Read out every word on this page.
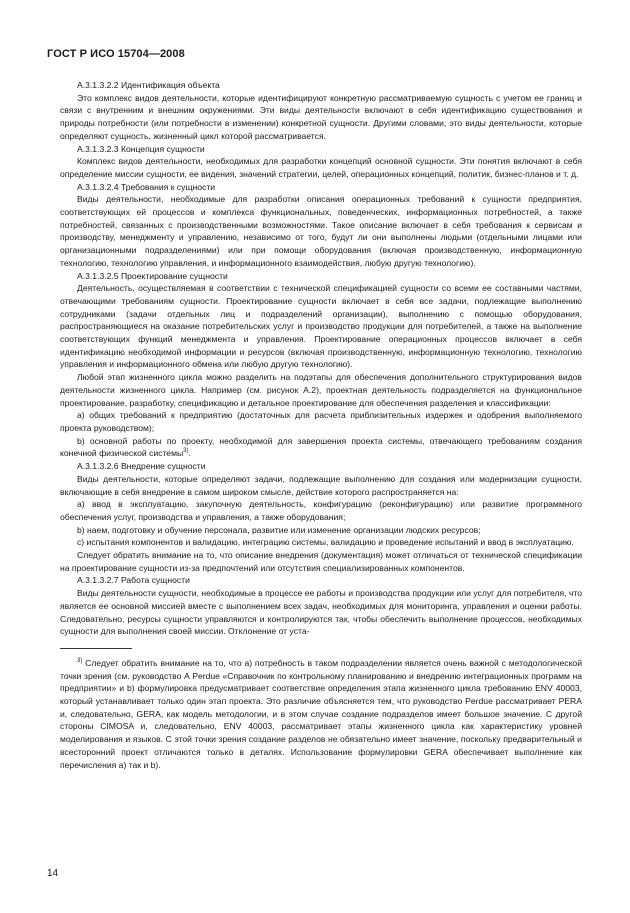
ГОСТ Р ИСО 15704—2008

А.3.1.3.2.2 Идентификация объекта

Это комплекс видов деятельности, которые идентифицируют конкретную рассматриваемую сущность с учетом ее границ и связи с внутренним и внешним окружениями. Эти виды деятельности включают в себя идентификацию существования и природы потребности (или потребности в изменении) конкретной сущности. Другими словами, это виды деятельности, которые определяют сущность, жизненный цикл которой рассматривается.

А.3.1.3.2.3 Концепция сущности

Комплекс видов деятельности, необходимых для разработки концепций основной сущности. Эти понятия включают в себя определение миссии сущности, ее видения, значений стратегии, целей, операционных концепций, политик, бизнес-планов и т. д.

А.3.1.3.2.4 Требования к сущности

Виды деятельности, необходимые для разработки описания операционных требований к сущности предприятия, соответствующих ей процессов и комплекса функциональных, поведенческих, информационных потребностей, а также потребностей, связанных с производственными возможностями. Такое описание включает в себя требования к сервисам и производству, менеджменту и управлению, независимо от того, будут ли они выполнены людьми (отдельными лицами или организационными подразделениями) или при помощи оборудования (включая производственную, информационную технологию, технологию управления, и информационного взаимодействия, любую другую технологию).

А.3.1.3.2.5 Проектирование сущности

Деятельность, осуществляемая в соответствии с технической спецификацией сущности со всеми ее составными частями, отвечающими требованиям сущности. Проектирование сущности включает в себя все задачи, подлежащие выполнению сотрудниками (задачи отдельных лиц и подразделений организации), выполнению с помощью оборудования, распространяющиеся на оказание потребительских услуг и производство продукции для потребителей, а также на выполнение соответствующих функций менеджмента и управления. Проектирование операционных процессов включает в себя идентификацию необходимой информации и ресурсов (включая производственную, информационную технологию, технологию управления и информационного обмена или любую другую технологию).

Любой этап жизненного цикла можно разделить на подэтапы для обеспечения дополнительного структурирования видов деятельности жизненного цикла. Например (см. рисунок А.2), проектная деятельность подразделяется на функциональное проектирование, разработку, спецификацию и детальное проектирование для обеспечения разделения и классификации:

a) общих требований к предприятию (достаточных для расчета приблизительных издержек и одобрения выполняемого проекта руководством);

b) основной работы по проекту, необходимой для завершения проекта системы, отвечающего требованиям создания конечной физической системы$^{3)}$.

А.3.1.3.2.6 Внедрение сущности

Виды деятельности, которые определяют задачи, подлежащие выполнению для создания или модернизации сущности, включающие в себя внедрение в самом широком смысле, действие которого распространяется на:

a) ввод в эксплуатацию, закупочную деятельность, конфигурацию (реконфигурацию) или развитие программного обеспечения услуг, производства и управления, а также оборудования;

b) наем, подготовку и обучение персонала, развитие или изменение организации людских ресурсов;

c) испытания компонентов и валидацию, интеграцию системы, валидацию и проведение испытаний и ввод в эксплуатацию.

Следует обратить внимание на то, что описание внедрения (документация) может отличаться от технической спецификации на проектирование сущности из-за предпочтений или отсутствия специализированных компонентов.

А.3.1.3.2.7 Работа сущности

Виды деятельности сущности, необходимые в процессе ее работы и производства продукции или услуг для потребителя, что является ее основной миссией вместе с выполнением всех задач, необходимых для мониторинга, управления и оценки работы. Следовательно, ресурсы сущности управляются и контролируются так, чтобы обеспечить выполнение процессов, необходимых сущности для выполнения своей миссии. Отклонение от уста-

$^{3)}$ Следует обратить внимание на то, что а) потребность в таком подразделении является очень важной с методологической точки зрения (см. руководство А Perdue «Справочник по контрольному планированию и внедрению интеграционных программ на предприятии» и b) формулировка предусматривает соответствие определения этапа жизненного цикла требованию ENV 40003, который устанавливает только один этап проекта. Это различие объясняется тем, что руководство Perdue рассматривает PERA и, следовательно, GERA, как модель методологии, и в этом случае создание подразделов имеет большое значение. С другой стороны CIMOSA и, следовательно, ENV 40003, рассматривает этапы жизненного цикла как характеристику уровней моделирования и языков. С этой точки зрения создание разделов не обязательно имеет значение, поскольку предварительный и всесторонний проект отличаются только в деталях. Использование формулировки GERA обеспечивает выполнение как перечисления а) так и b).

14
